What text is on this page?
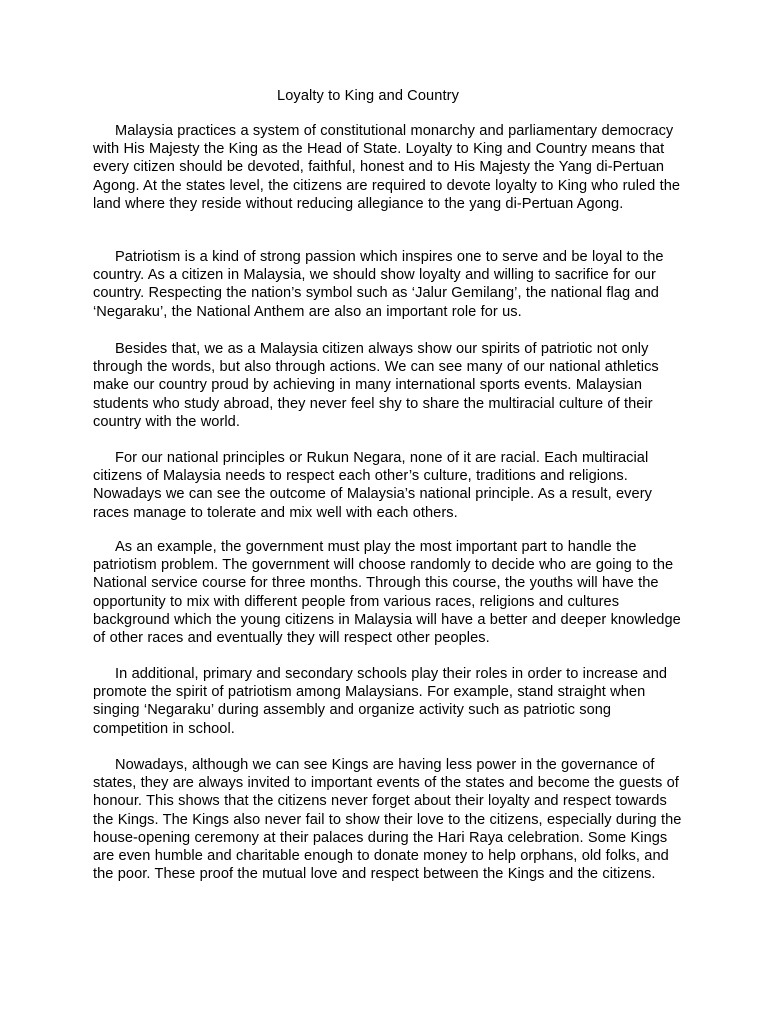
Loyalty to King and Country

Malaysia practices a system of constitutional monarchy and parliamentary democracy with His Majesty the King as the Head of State. Loyalty to King and Country means that every citizen should be devoted, faithful, honest and to His Majesty the Yang di-Pertuan Agong. At the states level, the citizens are required to devote loyalty to King who ruled the land where they reside without reducing allegiance to the yang di-Pertuan Agong.

Patriotism is a kind of strong passion which inspires one to serve and be loyal to the country. As a citizen in Malaysia, we should show loyalty and willing to sacrifice for our country. Respecting the nation’s symbol such as ‘Jalur Gemilang’, the national flag and ‘Negaraku’, the National Anthem are also an important role for us.

Besides that, we as a Malaysia citizen always show our spirits of patriotic not only through the words, but also through actions. We can see many of our national athletics make our country proud by achieving in many international sports events. Malaysian students who study abroad, they never feel shy to share the multiracial culture of their country with the world.

For our national principles or Rukun Negara, none of it are racial. Each multiracial citizens of Malaysia needs to respect each other’s culture, traditions and religions. Nowadays we can see the outcome of Malaysia’s national principle. As a result, every races manage to tolerate and mix well with each others.

As an example, the government must play the most important part to handle the patriotism problem. The government will choose randomly to decide who are going to the National service course for three months. Through this course, the youths will have the opportunity to mix with different people from various races, religions and cultures background which the young citizens in Malaysia will have a better and deeper knowledge of other races and eventually they will respect other peoples.

In additional, primary and secondary schools play their roles in order to increase and promote the spirit of patriotism among Malaysians. For example, stand straight when singing ‘Negaraku’ during assembly and organize activity such as patriotic song competition in school.

Nowadays, although we can see Kings are having less power in the governance of states, they are always invited to important events of the states and become the guests of honour. This shows that the citizens never forget about their loyalty and respect towards the Kings. The Kings also never fail to show their love to the citizens, especially during the house-opening ceremony at their palaces during the Hari Raya celebration. Some Kings are even humble and charitable enough to donate money to help orphans, old folks, and the poor. These proof the mutual love and respect between the Kings and the citizens.
